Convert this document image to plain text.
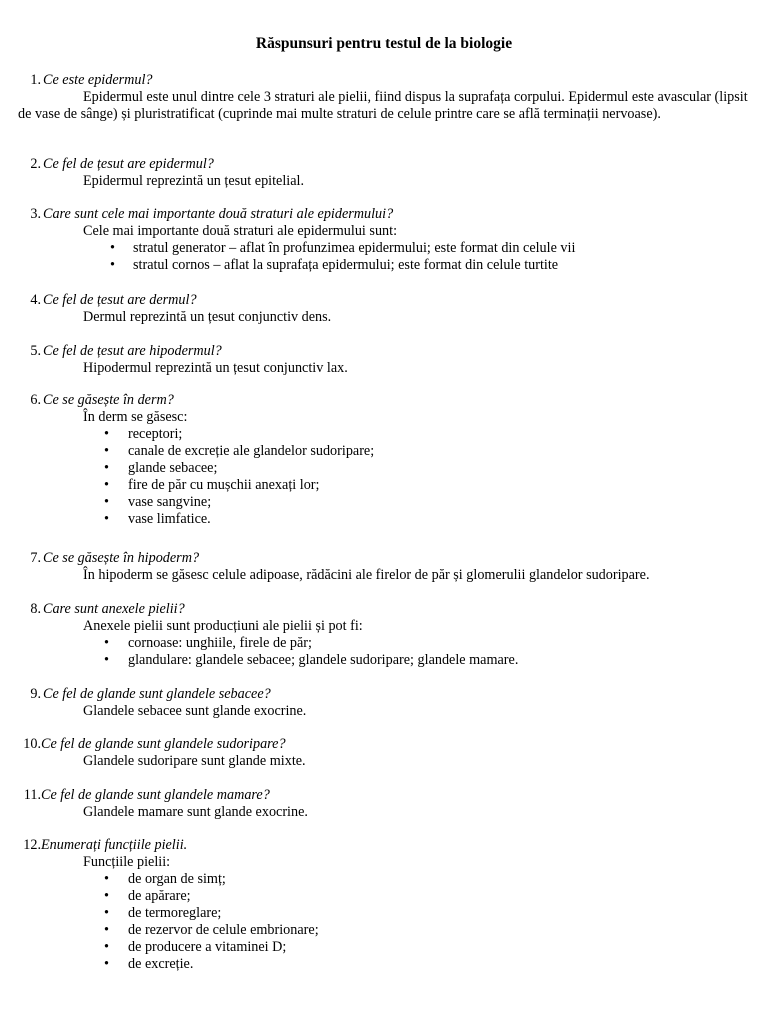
Răspunsuri pentru testul de la biologie
1. Ce este epidermul?
Epidermul este unul dintre cele 3 straturi ale pielii, fiind dispus la suprafața corpului. Epidermul este avascular (lipsit de vase de sânge) și pluristratificat (cuprinde mai multe straturi de celule printre care se află terminații nervoase).
2. Ce fel de țesut are epidermul?
Epidermul reprezintă un țesut epitelial.
3. Care sunt cele mai importante două straturi ale epidermului?
Cele mai importante două straturi ale epidermului sunt:
• stratul generator – aflat în profunzimea epidermului; este format din celule vii
• stratul cornos – aflat la suprafața epidermului; este format din celule turtite
4. Ce fel de țesut are dermul?
Dermul reprezintă un țesut conjunctiv dens.
5. Ce fel de țesut are hipodermul?
Hipodermul reprezintă un țesut conjunctiv lax.
6. Ce se găsește în derm?
În derm se găsesc:
• receptori;
• canale de excreție ale glandelor sudoripare;
• glande sebacee;
• fire de păr cu mușchii anexați lor;
• vase sangvine;
• vase limfatice.
7. Ce se găsește în hipoderm?
În hipoderm se găsesc celule adipoase, rădăcini ale firelor de păr și glomerulii glandelor sudoripare.
8. Care sunt anexele pielii?
Anexele pielii sunt producțiuni ale pielii și pot fi:
• cornoase: unghiile, firele de păr;
• glandulare: glandele sebacee; glandele sudoripare; glandele mamare.
9. Ce fel de glande sunt glandele sebacee?
Glandele sebacee sunt glande exocrine.
10. Ce fel de glande sunt glandele sudoripare?
Glandele sudoripare sunt glande mixte.
11. Ce fel de glande sunt glandele mamare?
Glandele mamare sunt glande exocrine.
12. Enumerați funcțiile pielii.
Funcțiile pielii:
• de organ de simț;
• de apărare;
• de termoreglare;
• de rezervor de celule embrionare;
• de producere a vitaminei D;
• de excreție.
